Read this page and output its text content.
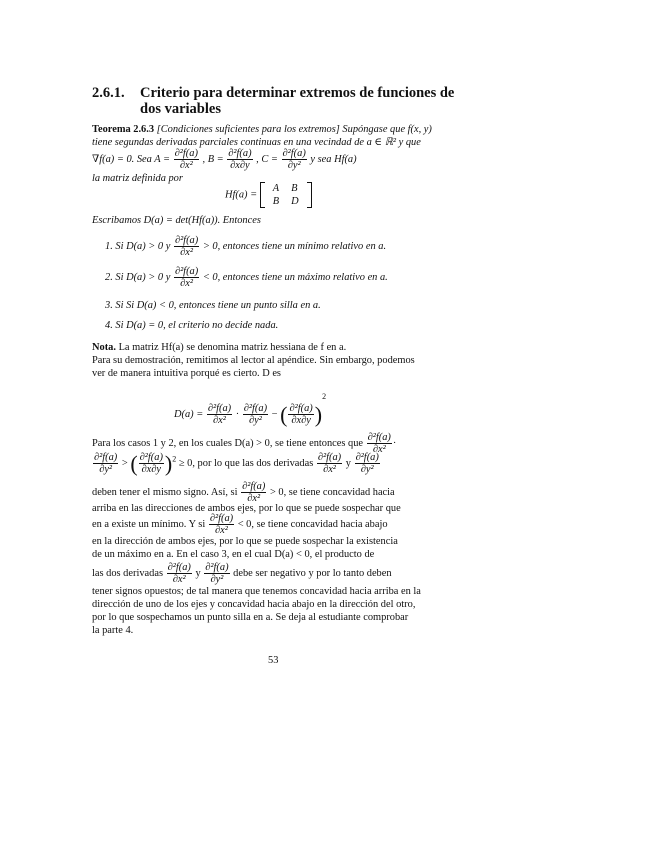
2.6.1. Criterio para determinar extremos de funciones de
dos variables
Teorema 2.6.3 [Condiciones suficientes para los extremos] Supóngase que f(x, y)
tiene segundas derivadas parciales continuas en una vecindad de a ∈ ℝ² y que
∇f(a) = 0. Sea $A = \frac{\text{∂²f(a)}}{\text{∂x²}}$ , $B = \frac{\text{∂²f(a)}}{\partial x\partial y}$ , $C = \frac{\text{∂²f(a)}}{\text{∂y²}}$ y sea Hf(a)
la matriz definida por
Hf(a) =
A	B
B	D
Escribamos D(a) = det(Hf(a)). Entonces
1. Si D(a) > 0 y $\frac{\text{∂²f(a)}}{\text{∂x²}} > 0$, entonces tiene un mínimo relativo en a.
2. Si D(a) > 0 y $\frac{\text{∂²f(a)}}{\text{∂x²}} < 0$, entonces tiene un máximo relativo en a.
3. Si Si D(a) < 0, entonces tiene un punto silla en a.
4. Si D(a) = 0, el criterio no decide nada.
Nota. La matriz Hf(a) se denomina matriz hessiana de f en a.
Para su demostración, remitimos al lector al apéndice. Sin embargo, podemos
ver de manera intuitiva porqué es cierto. D es
$D(a) = \frac{\text{∂²f(a)}}{\text{∂x²}} \cdot \frac{\text{∂²f(a)}}{\text{∂y²}}$ − ( $\frac{\text{∂²f(a)}}{\partial x\partial y} )^2$
Para los casos 1 y 2, en los cuales D(a) > 0, se tiene entonces que $\frac{\text{∂²f(a)}}{\text{∂x²}}$ ·
$\frac{\text{∂²f(a)}}{\text{∂y²}}$ > ( $\frac{\text{∂²f(a)}}{\partial x\partial y} )^2 \ge 0$, por lo que las dos derivadas $\frac{\text{∂²f(a)}}{\text{∂x²}}$ y $\frac{\text{∂²f(a)}}{\text{∂y²}}$
deben tener el mismo signo. Así, si $\frac{\text{∂²f(a)}}{\text{∂x²}} > 0$, se tiene concavidad hacia
arriba en las direcciones de ambos ejes, por lo que se puede sospechar que
en a existe un mínimo. Y si $\frac{\text{∂²f(a)}}{\text{∂x²}} < 0$, se tiene concavidad hacia abajo
en la dirección de ambos ejes, por lo que se puede sospechar la existencia
de un máximo en a. En el caso 3, en el cual D(a) < 0, el producto de
las dos derivadas $\frac{\text{∂²f(a)}}{\text{∂x²}}$ y $\frac{\text{∂²f(a)}}{\text{∂y²}}$ debe ser negativo y por lo tanto deben
tener signos opuestos; de tal manera que tenemos concavidad hacia arriba en la
dirección de uno de los ejes y concavidad hacia abajo en la dirección del otro,
por lo que sospechamos un punto silla en a. Se deja al estudiante comprobar
la parte 4.
53
